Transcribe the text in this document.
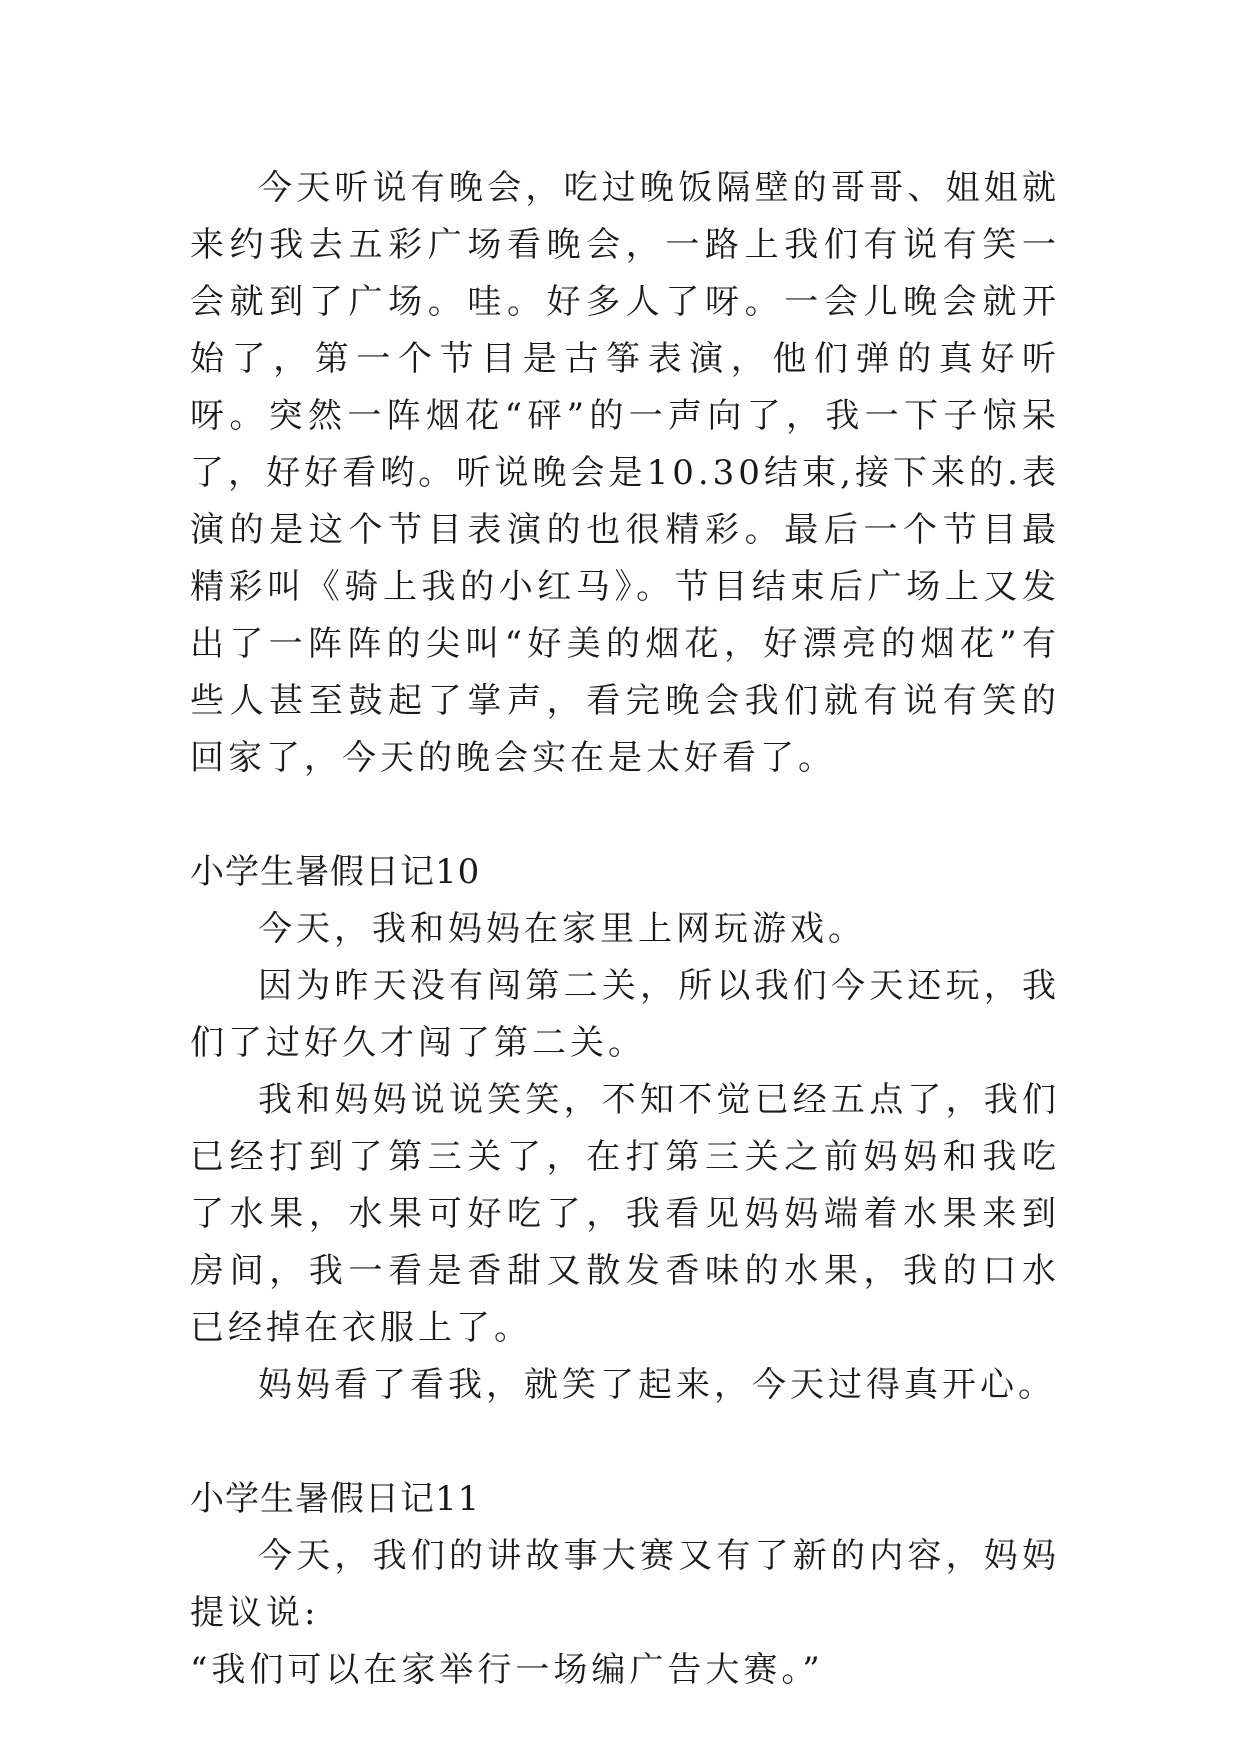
今天听说有晚会，吃过晚饭隔壁的哥哥、姐姐就来约我去五彩广场看晚会，一路上我们有说有笑一会就到了广场。哇。好多人了呀。一会儿晚会就开始了，第一个节目是古筝表演，他们弹的真好听呀。突然一阵烟花“砰”的一声向了，我一下子惊呆了，好好看哟。听说晚会是10.30结束,接下来的.表演的是这个节目表演的也很精彩。最后一个节目最精彩叫《骑上我的小红马》。节目结束后广场上又发出了一阵阵的尖叫“好美的烟花，好漂亮的烟花”有些人甚至鼓起了掌声，看完晚会我们就有说有笑的回家了，今天的晚会实在是太好看了。

小学生暑假日记10

今天，我和妈妈在家里上网玩游戏。

因为昨天没有闯第二关，所以我们今天还玩，我们了过好久才闯了第二关。

我和妈妈说说笑笑，不知不觉已经五点了，我们已经打到了第三关了，在打第三关之前妈妈和我吃了水果，水果可好吃了，我看见妈妈端着水果来到房间，我一看是香甜又散发香味的水果，我的口水已经掉在衣服上了。

妈妈看了看我，就笑了起来，今天过得真开心。

小学生暑假日记11

今天，我们的讲故事大赛又有了新的内容，妈妈提议说:

“我们可以在家举行一场编广告大赛。”
